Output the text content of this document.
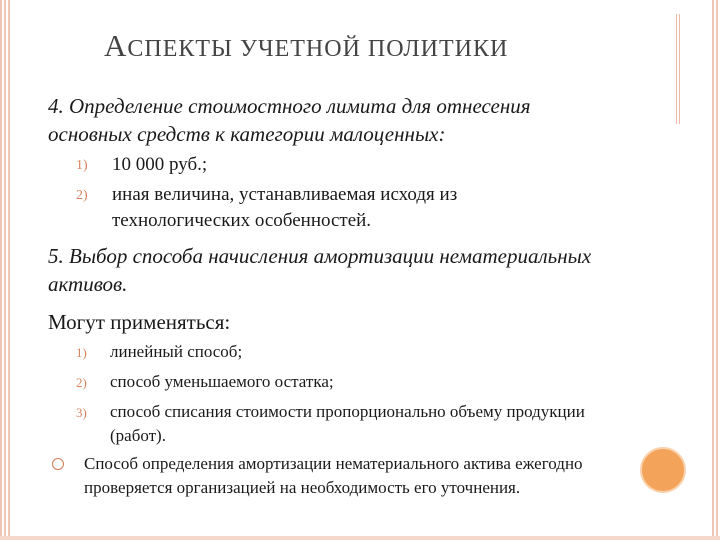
АСПЕКТЫ УЧЕТНОЙ ПОЛИТИКИ
4. Определение стоимостного лимита для отнесения
основных средств к категории малоценных:
1) 10 000 руб.;
2) иная величина, устанавливаемая исходя из
технологических особенностей.
5. Выбор способа начисления амортизации нематериальных
активов.
Могут применяться:
1) линейный способ;
2) способ уменьшаемого остатка;
3) способ списания стоимости пропорционально объему продукции
(работ).
Способ определения амортизации нематериального актива ежегодно
проверяется организацией на необходимость его уточнения.
